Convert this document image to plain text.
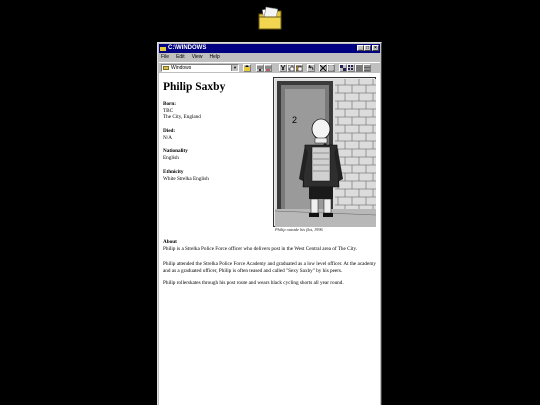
C:\WINDOWS	_ □	×
File Edit View Help
Windows	▼
Philip Saxby
Born:
TBC
The City, England
Died:
N/A
Nationality
English
Ethnicity
White Strelka English
2
Philip outside his flat, 1996
About
Philip is a Strelka Police Force officer who delivers post in the West Central area of The City.
Philip attended the Strelka Police Force Academy and graduated as a low level officer. At the academy and as a graduated officer, Philip is often teased and called "Sexy Saxby" by his peers.
Philip rollerskates through his post route and wears black cycling shorts all year round.
